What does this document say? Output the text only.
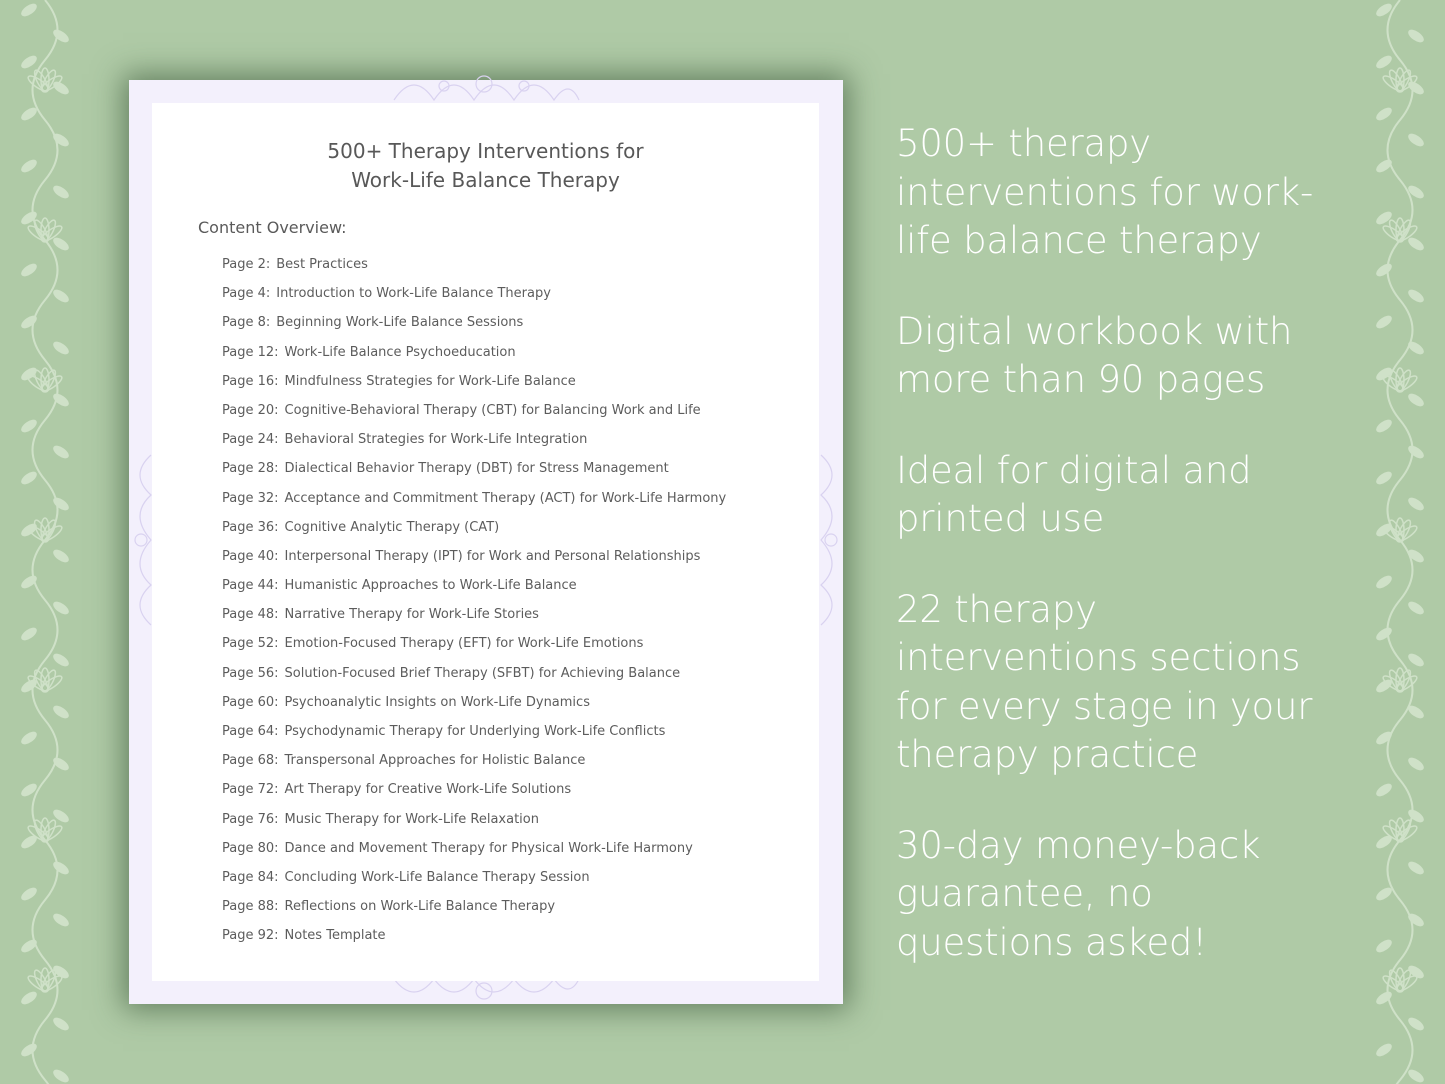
500+ Therapy Interventions for
Work-Life Balance Therapy
Content Overview:
Page 2: Best Practices
Page 4: Introduction to Work-Life Balance Therapy
Page 8: Beginning Work-Life Balance Sessions
Page 12: Work-Life Balance Psychoeducation
Page 16: Mindfulness Strategies for Work-Life Balance
Page 20: Cognitive-Behavioral Therapy (CBT) for Balancing Work and Life
Page 24: Behavioral Strategies for Work-Life Integration
Page 28: Dialectical Behavior Therapy (DBT) for Stress Management
Page 32: Acceptance and Commitment Therapy (ACT) for Work-Life Harmony
Page 36: Cognitive Analytic Therapy (CAT)
Page 40: Interpersonal Therapy (IPT) for Work and Personal Relationships
Page 44: Humanistic Approaches to Work-Life Balance
Page 48: Narrative Therapy for Work-Life Stories
Page 52: Emotion-Focused Therapy (EFT) for Work-Life Emotions
Page 56: Solution-Focused Brief Therapy (SFBT) for Achieving Balance
Page 60: Psychoanalytic Insights on Work-Life Dynamics
Page 64: Psychodynamic Therapy for Underlying Work-Life Conflicts
Page 68: Transpersonal Approaches for Holistic Balance
Page 72: Art Therapy for Creative Work-Life Solutions
Page 76: Music Therapy for Work-Life Relaxation
Page 80: Dance and Movement Therapy for Physical Work-Life Harmony
Page 84: Concluding Work-Life Balance Therapy Session
Page 88: Reflections on Work-Life Balance Therapy
Page 92: Notes Template
500+ therapy
interventions for work-
life balance therapy
Digital workbook with
more than 90 pages
Ideal for digital and
printed use
22 therapy
interventions sections
for every stage in your
therapy practice
30-day money-back
guarantee, no
questions asked!
